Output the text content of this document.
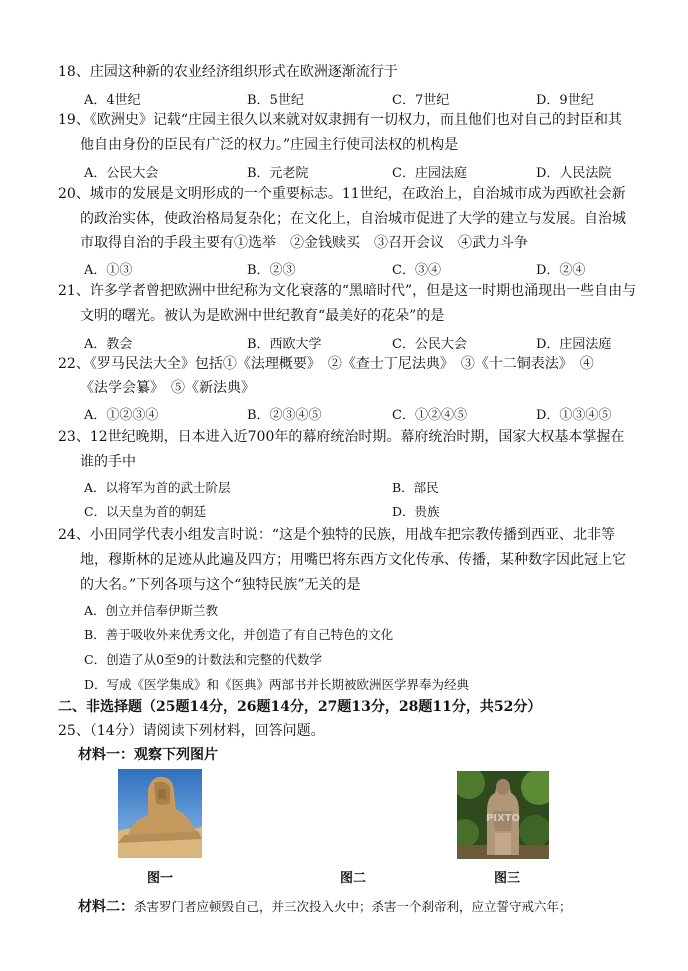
18、庄园这种新的农业经济组织形式在欧洲逐渐流行于
A．4世纪	B．5世纪	C．7世纪	D．9世纪
19、《欧洲史》记载“庄园主很久以来就对奴隶拥有一切权力，而且他们也对自己的封臣和其
他自由身份的臣民有广泛的权力。”庄园主行使司法权的机构是
A．公民大会	B．元老院	C．庄园法庭	D．人民法院
20、城市的发展是文明形成的一个重要标志。11世纪，在政治上，自治城市成为西欧社会新
的政治实体，使政治格局复杂化；在文化上，自治城市促进了大学的建立与发展。自治城
市取得自治的手段主要有①选举　②金钱赎买　③召开会议　④武力斗争
A．①③	B．②③	C．③④	D．②④
21、许多学者曾把欧洲中世纪称为文化衰落的“黑暗时代”，但是这一时期也涌现出一些自由与
文明的曙光。被认为是欧洲中世纪教育“最美好的花朵”的是
A．教会	B．西欧大学	C．公民大会	D．庄园法庭
22、《罗马民法大全》包括①《法理概要》　②《查士丁尼法典》　③《十二铜表法》　④
《法学会纂》　⑤《新法典》
A．①②③④	B．②③④⑤	C．①②④⑤	D．①③④⑤
23、12世纪晚期，日本进入近700年的幕府统治时期。幕府统治时期，国家大权基本掌握在
谁的手中
A．以将军为首的武士阶层	B．部民
C．以天皇为首的朝廷	D．贵族
24、小田同学代表小组发言时说：“这是个独特的民族，用战车把宗教传播到西亚、北非等
地，穆斯林的足迹从此遍及四方；用嘴巴将东西方文化传承、传播，某种数字因此冠上它
的大名。”下列各项与这个“独特民族”无关的是
A．创立并信奉伊斯兰教
B．善于吸收外来优秀文化，并创造了有自己特色的文化
C．创造了从0至9的计数法和完整的代数学
D．写成《医学集成》和《医典》两部书并长期被欧洲医学界奉为经典
二、非选择题（25题14分，26题14分，27题13分，28题11分，共52分）
25、（14分）请阅读下列材料，回答问题。
材料一：观察下列图片
图一	图二
PIXTO
图三
材料二：杀害罗门者应顿毁自己，并三次投入火中；杀害一个刹帝利，应立誓守戒六年；
